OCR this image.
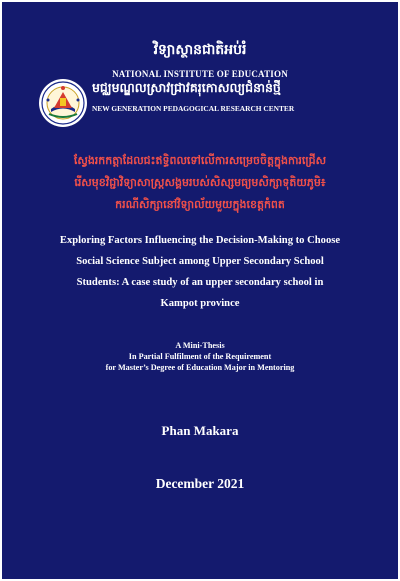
វិទ្យាស្ថានជាតិអប់រំ
NATIONAL INSTITUTE OF EDUCATION
មជ្ឈមណ្ឌលស្រាវជ្រាវគរុកោសល្យជំនាន់ថ្មី
NEW GENERATION PEDAGOGICAL RESEARCH CENTER
ស្វែងរកកត្តាដែលជះឥទ្ធិពលទៅលើការសម្រេចចិត្តក្នុងការជ្រើស
រើសមុខវិជ្ជាវិទ្យាសាស្ត្រសង្គមរបស់សិស្សមធ្យមសិក្សាទុតិយភូមិ៖
ករណីសិក្សានៅវិទ្យាល័យមួយក្នុងខេត្តកំពត
Exploring Factors Influencing the Decision-Making to Choose
Social Science Subject among Upper Secondary School
Students: A case study of an upper secondary school in
Kampot province
A Mini-Thesis
In Partial Fulfilment of the Requirement
for Master’s Degree of Education Major in Mentoring
Phan Makara
December 2021
